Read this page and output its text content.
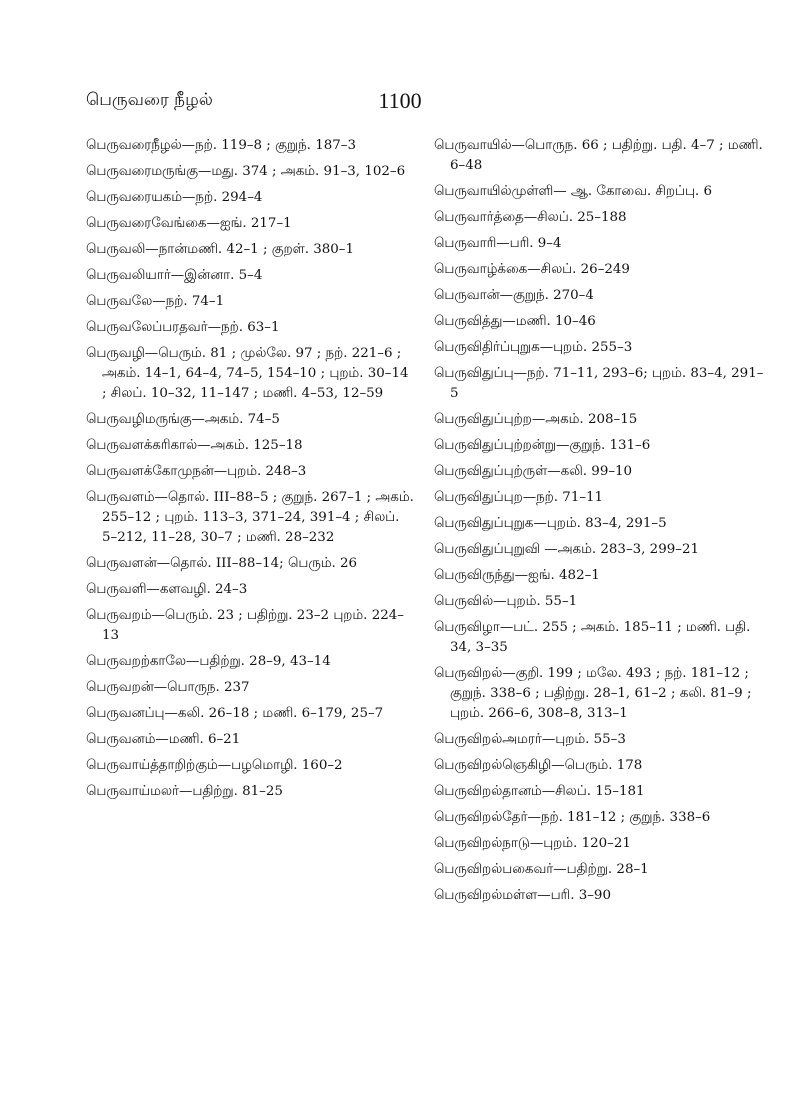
பெருவரை நீழல்	1100
பெருவரைநீழல்—நற். 119–8 ; குறுந். 187–3
பெருவரைமருங்கு—மது. 374 ; அகம். 91–3, 102–6
பெருவரையகம்—நற். 294–4
பெருவரைவேங்கை—ஐங். 217–1
பெருவலி—நான்மணி. 42–1 ; குறள். 380–1
பெருவலியார்—இன்னா. 5–4
பெருவலே—நற். 74–1
பெருவலேப்பரதவர்—நற். 63–1
பெருவழி—பெரும். 81 ; முல்லே. 97 ; நற். 221–6 ; அகம். 14–1, 64–4, 74–5, 154–10 ; புறம். 30–14 ; சிலப். 10–32, 11–147 ; மணி. 4–53, 12–59
பெருவழிமருங்கு—அகம். 74–5
பெருவளக்கரிகால்—அகம். 125–18
பெருவளக்கோமுநன்—புறம். 248–3
பெருவளம்—தொல். III–88–5 ; குறுந். 267–1 ; அகம். 255–12 ; புறம். 113–3, 371–24, 391–4 ; சிலப். 5–212, 11–28, 30–7 ; மணி. 28–232
பெருவளன்—தொல். III–88–14; பெரும். 26
பெருவளி—களவழி. 24–3
பெருவறம்—பெரும். 23 ; பதிற்று. 23–2 புறம். 224–13
பெருவறற்காலே—பதிற்று. 28–9, 43–14
பெருவறன்—பொருந. 237
பெருவனப்பு—கலி. 26–18 ; மணி. 6–179, 25–7
பெருவனம்—மணி. 6–21
பெருவாய்த்தாறிற்கும்—பழமொழி. 160–2
பெருவாய்மலர்—பதிற்று. 81–25
பெருவாயில்—பொருந. 66 ; பதிற்று. பதி. 4–7 ; மணி. 6–48
பெருவாயில்முள்ளி— ஆ. கோவை. சிறப்பு. 6
பெருவார்த்தை—சிலப். 25–188
பெருவாரி—பரி. 9–4
பெருவாழ்க்கை—சிலப். 26–249
பெருவான்—குறுந். 270–4
பெருவித்து—மணி. 10–46
பெருவிதிர்ப்புறுக—புறம். 255–3
பெருவிதுப்பு—நற். 71–11, 293–6; புறம். 83–4, 291–5
பெருவிதுப்புற்ற—அகம். 208–15
பெருவிதுப்புற்றன்று—குறுந். 131–6
பெருவிதுப்புற்ருள்—கலி. 99–10
பெருவிதுப்புற—நற். 71–11
பெருவிதுப்புறுக—புறம். 83–4, 291–5
பெருவிதுப்புறுவி —அகம். 283–3, 299–21
பெருவிருந்து—ஐங். 482–1
பெருவில்—புறம். 55–1
பெருவிழா—பட். 255 ; அகம். 185–11 ; மணி. பதி. 34, 3–35
பெருவிறல்—குறி. 199 ; மலே. 493 ; நற். 181–12 ; குறுந். 338–6 ; பதிற்று. 28–1, 61–2 ; கலி. 81–9 ; புறம். 266–6, 308–8, 313–1
பெருவிறல்அமரர்—புறம். 55–3
பெருவிறல்ஞெகிழி—பெரும். 178
பெருவிறல்தானம்—சிலப். 15–181
பெருவிறல்தேர்—நற். 181–12 ; குறுந். 338–6
பெருவிறல்நாடு—புறம். 120–21
பெருவிறல்பகைவர்—பதிற்று. 28–1
பெருவிறல்மள்ள—பரி. 3–90
